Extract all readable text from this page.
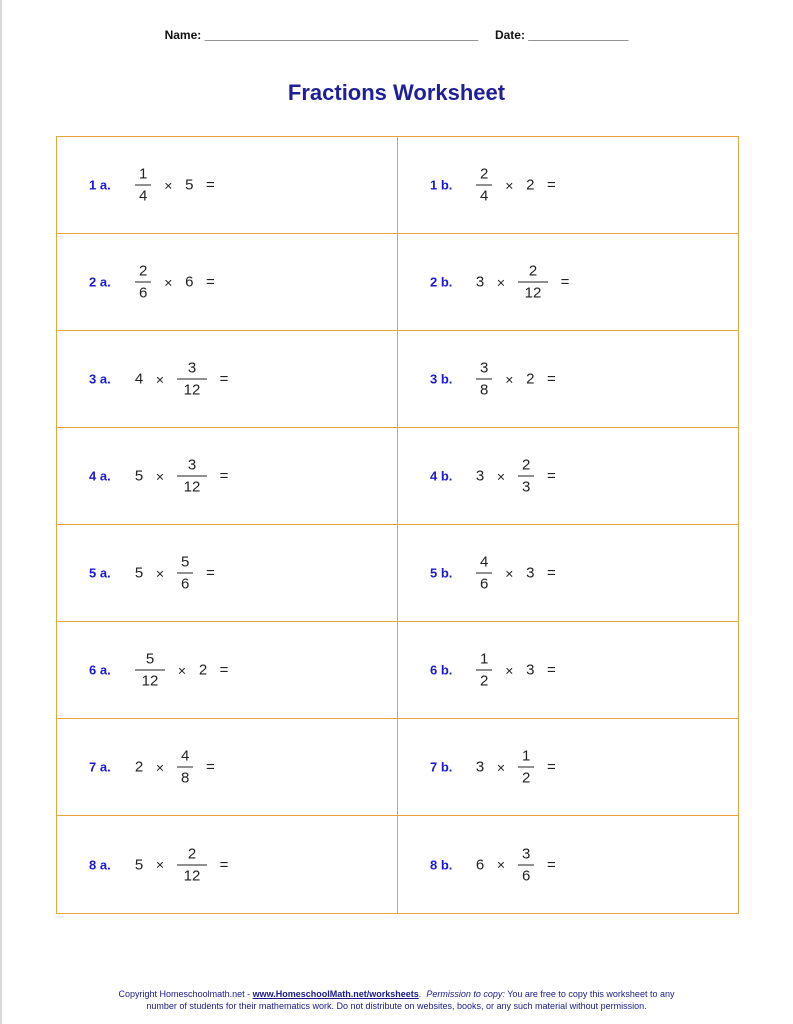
Name: _________________________________________ Date: _______________
Fractions Worksheet
1 a.	$\frac{1}{4} \times 5$ =	1 b.	$\frac{2}{4} \times 2$ =
2 a.	$\frac{2}{6} \times 6$ =	2 b.	$3 \times \frac{2}{12}$ =
3 a.	$4 \times \frac{3}{12}$ =	3 b.	$\frac{3}{8} \times 2$ =
4 a.	$5 \times \frac{3}{12}$ =	4 b.	$3 \times \frac{2}{3}$ =
5 a.	$5 \times \frac{5}{6}$ =	5 b.	$\frac{4}{6} \times 3$ =
6 a.	$\frac{5}{12} \times 2$ =	6 b.	$\frac{1}{2} \times 3$ =
7 a.	$2 \times \frac{4}{8}$ =	7 b.	$3 \times \frac{1}{2}$ =
8 a.	$5 \times \frac{2}{12}$ =	8 b.	$6 \times \frac{3}{6}$ =
Copyright Homeschoolmath.net - www.HomeschoolMath.net/worksheets. Permission to copy: You are free to copy this worksheet to any
number of students for their mathematics work. Do not distribute on websites, books, or any such material without permission.
